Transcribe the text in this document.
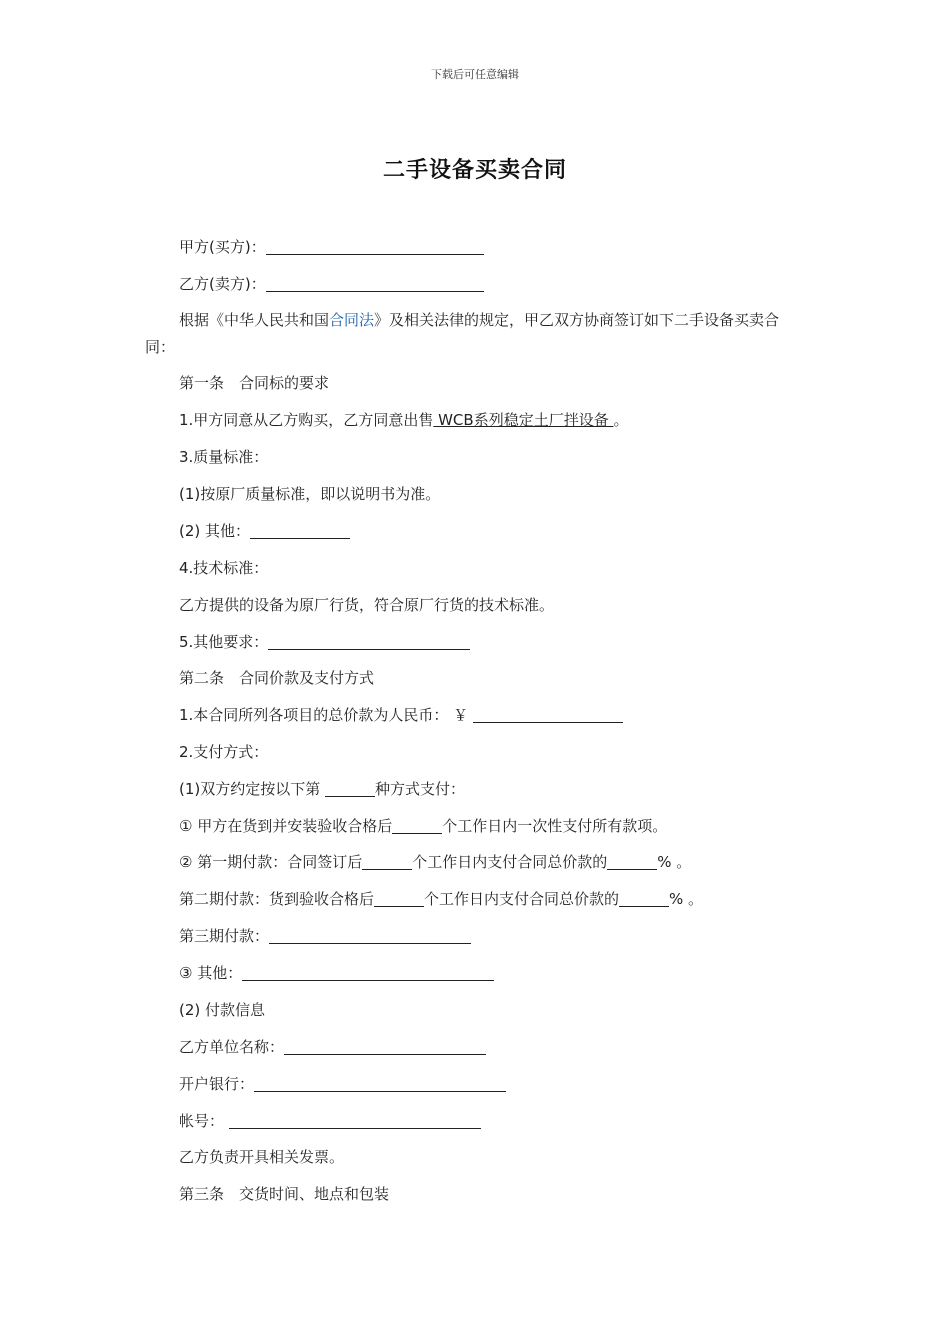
下载后可任意编辑
二手设备买卖合同
甲方(买方)：
乙方(卖方)：
根据《中华人民共和国合同法》及相关法律的规定，甲乙双方协商签订如下二手设备买卖合同：
第一条　合同标的要求
1.甲方同意从乙方购买，乙方同意出售 WCB系列稳定土厂拌设备 。
3.质量标准：
(1)按原厂质量标准，即以说明书为准。
(2) 其他：
4.技术标准：
乙方提供的设备为原厂行货，符合原厂行货的技术标准。
5.其他要求：
第二条　合同价款及支付方式
1.本合同所列各项目的总价款为人民币： ￥
2.支付方式：
(1)双方约定按以下第	种方式支付：
① 甲方在货到并安装验收合格后	个工作日内一次性支付所有款项。
② 第一期付款：合同签订后	个工作日内支付合同总价款的	% 。
第二期付款：货到验收合格后	个工作日内支付合同总价款的	% 。
第三期付款：
③ 其他：
(2) 付款信息
乙方单位名称：
开户银行：
帐号：
乙方负责开具相关发票。
第三条　交货时间、地点和包装
